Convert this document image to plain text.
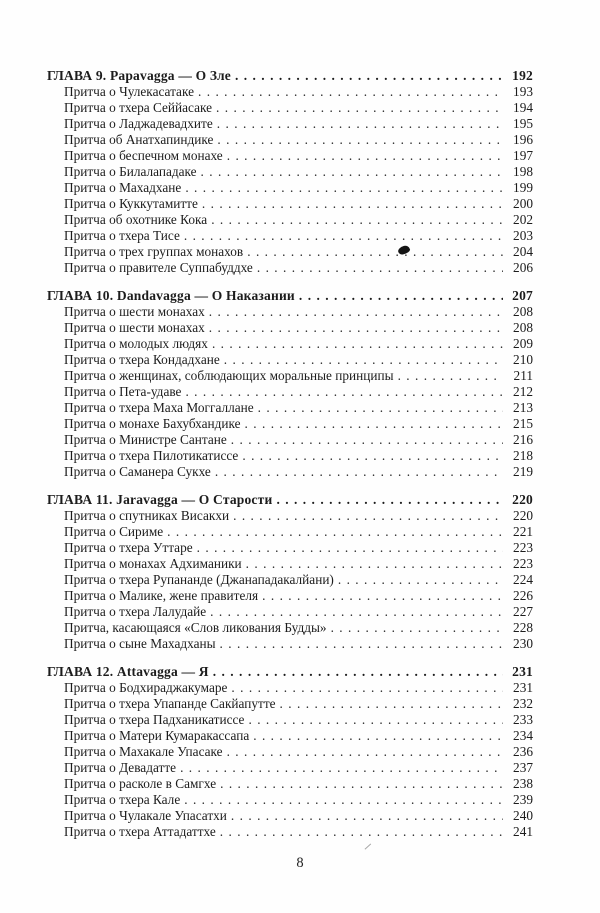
ГЛАВА 9. Papavagga — О Зле .....	192
Притча о Чулекасатаке .....	193
Притча о тхера Сеййасаке .....	194
Притча о Ладжадевадхите .....	195
Притча об Анатхапиндике .....	196
Притча о беспечном монахе .....	197
Притча о Билалападаке .....	198
Притча о Махадхане .....	199
Притча о Куккутамитте .....	200
Притча об охотнике Кока .....	202
Притча о тхера Тисе .....	203
Притча о трех группах монахов .....	204
Притча о правителе Суппабуддхе .....	206
ГЛАВА 10. Dandavagga — О Наказании .....	207
Притча о шести монахах .....	208
Притча о шести монахах .....	208
Притча о молодых людях .....	209
Притча о тхера Кондадхане .....	210
Притча о женщинах, соблюдающих моральные принципы .....	211
Притча о Пета-удаве .....	212
Притча о тхера Маха Моггаллане .....	213
Притча о монахе Бахубхандике .....	215
Притча о Министре Сантане .....	216
Притча о тхера Пилотикатиссе .....	218
Притча о Саманера Сукхе .....	219
ГЛАВА 11. Jaravagga — О Старости .....	220
Притча о спутниках Висакхи .....	220
Притча о Сириме .....	221
Притча о тхера Уттаре .....	223
Притча о монахах Адхиманики .....	223
Притча о тхера Рупананде (Джанападакалйани) .....	224
Притча о Малике, жене правителя .....	226
Притча о тхера Лалудайе .....	227
Притча, касающаяся «Слов ликования Будды» .....	228
Притча о сыне Махадханы .....	230
ГЛАВА 12. Attavagga — Я .....	231
Притча о Бодхираджакумаре .....	231
Притча о тхера Упапанде Сакйапутте .....	232
Притча о тхера Падханикатиссе .....	233
Притча о Матери Кумаракассапа .....	234
Притча о Махакале Упасаке .....	236
Притча о Девадатте .....	237
Притча о расколе в Самгхе .....	238
Притча о тхера Кале .....	239
Притча о Чулакале Упасатхи .....	240
Притча о тхера Аттадаттхе .....	241
8
